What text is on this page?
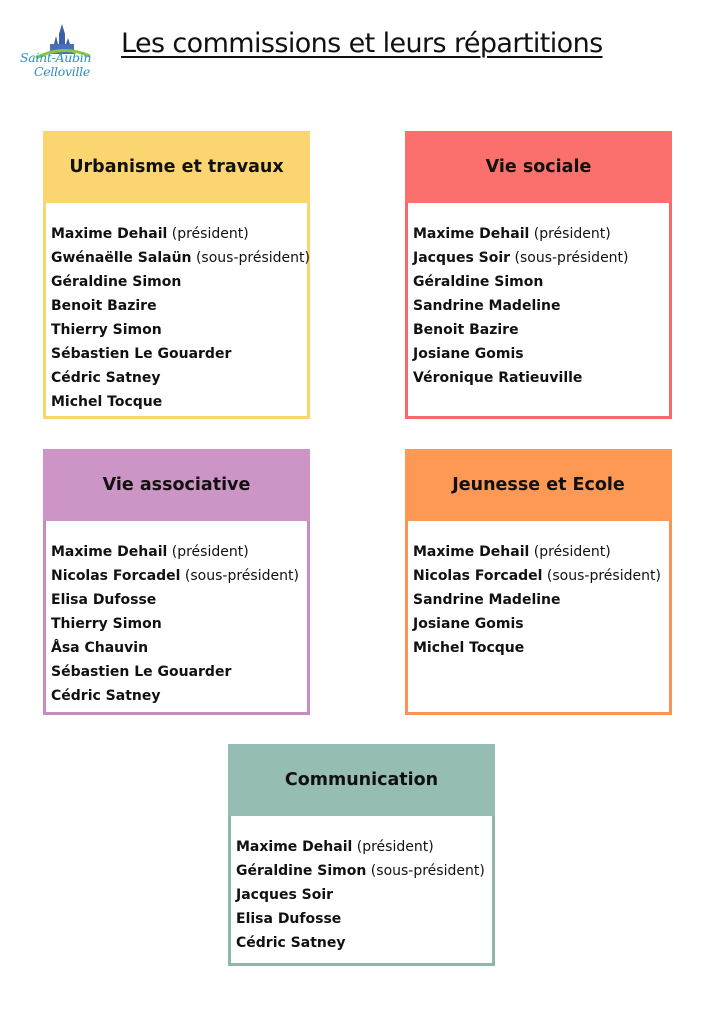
Saint-Aubin
Celloville
Les commissions et leurs répartitions
Urbanisme et travaux
Maxime Dehail (président)
Gwénaëlle Salaün (sous-président)
Géraldine Simon
Benoit Bazire
Thierry Simon
Sébastien Le Gouarder
Cédric Satney
Michel Tocque
Vie sociale
Maxime Dehail (président)
Jacques Soir (sous-président)
Géraldine Simon
Sandrine Madeline
Benoit Bazire
Josiane Gomis
Véronique Ratieuville
Vie associative
Maxime Dehail (président)
Nicolas Forcadel (sous-président)
Elisa Dufosse
Thierry Simon
Åsa Chauvin
Sébastien Le Gouarder
Cédric Satney
Jeunesse et Ecole
Maxime Dehail (président)
Nicolas Forcadel (sous-président)
Sandrine Madeline
Josiane Gomis
Michel Tocque
Communication
Maxime Dehail (président)
Géraldine Simon (sous-président)
Jacques Soir
Elisa Dufosse
Cédric Satney
